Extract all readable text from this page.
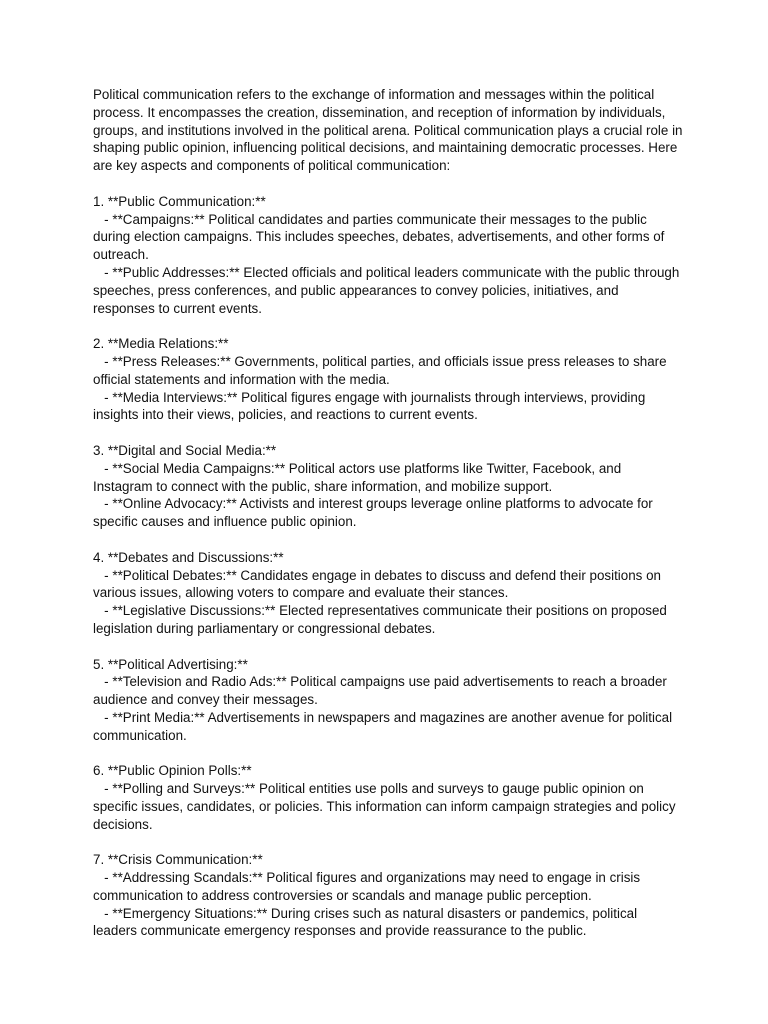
Political communication refers to the exchange of information and messages within the political process. It encompasses the creation, dissemination, and reception of information by individuals, groups, and institutions involved in the political arena. Political communication plays a crucial role in shaping public opinion, influencing political decisions, and maintaining democratic processes. Here are key aspects and components of political communication:

1. **Public Communication:**

- **Campaigns:** Political candidates and parties communicate their messages to the public during election campaigns. This includes speeches, debates, advertisements, and other forms of outreach.

- **Public Addresses:** Elected officials and political leaders communicate with the public through speeches, press conferences, and public appearances to convey policies, initiatives, and responses to current events.

2. **Media Relations:**

- **Press Releases:** Governments, political parties, and officials issue press releases to share official statements and information with the media.

- **Media Interviews:** Political figures engage with journalists through interviews, providing insights into their views, policies, and reactions to current events.

3. **Digital and Social Media:**

- **Social Media Campaigns:** Political actors use platforms like Twitter, Facebook, and Instagram to connect with the public, share information, and mobilize support.

- **Online Advocacy:** Activists and interest groups leverage online platforms to advocate for specific causes and influence public opinion.

4. **Debates and Discussions:**

- **Political Debates:** Candidates engage in debates to discuss and defend their positions on various issues, allowing voters to compare and evaluate their stances.

- **Legislative Discussions:** Elected representatives communicate their positions on proposed legislation during parliamentary or congressional debates.

5. **Political Advertising:**

- **Television and Radio Ads:** Political campaigns use paid advertisements to reach a broader audience and convey their messages.

- **Print Media:** Advertisements in newspapers and magazines are another avenue for political communication.

6. **Public Opinion Polls:**

- **Polling and Surveys:** Political entities use polls and surveys to gauge public opinion on specific issues, candidates, or policies. This information can inform campaign strategies and policy decisions.

7. **Crisis Communication:**

- **Addressing Scandals:** Political figures and organizations may need to engage in crisis communication to address controversies or scandals and manage public perception.

- **Emergency Situations:** During crises such as natural disasters or pandemics, political leaders communicate emergency responses and provide reassurance to the public.
